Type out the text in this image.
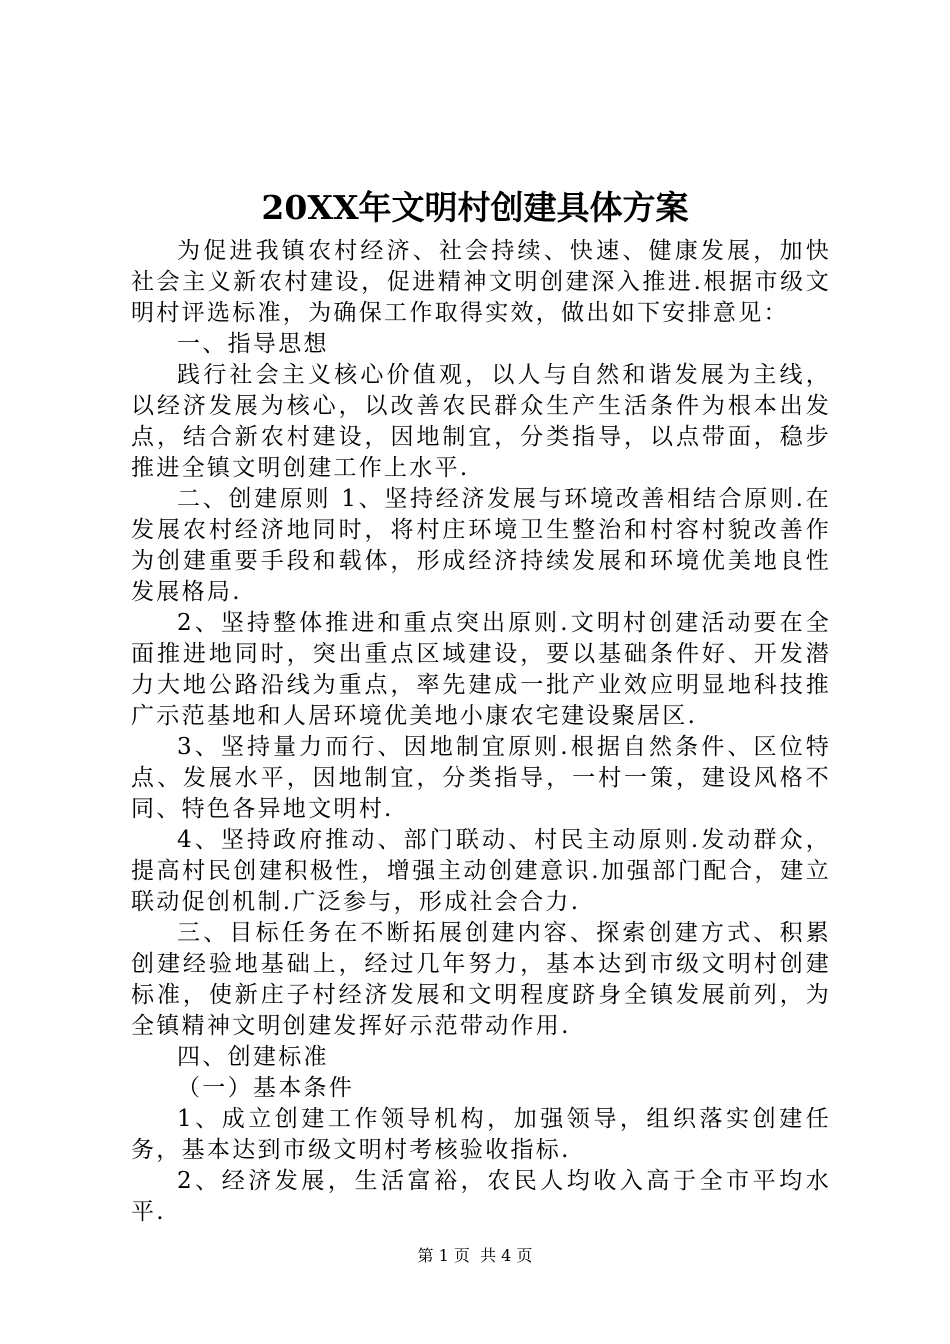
20XX年文明村创建具体方案

为促进我镇农村经济、社会持续、快速、健康发展，加快社会主义新农村建设，促进精神文明创建深入推进.根据市级文明村评选标准，为确保工作取得实效，做出如下安排意见：

一、指导思想

践行社会主义核心价值观，以人与自然和谐发展为主线，以经济发展为核心，以改善农民群众生产生活条件为根本出发点，结合新农村建设，因地制宜，分类指导，以点带面，稳步推进全镇文明创建工作上水平.

二、创建原则 1、坚持经济发展与环境改善相结合原则.在发展农村经济地同时，将村庄环境卫生整治和村容村貌改善作为创建重要手段和载体，形成经济持续发展和环境优美地良性发展格局.

2、坚持整体推进和重点突出原则.文明村创建活动要在全面推进地同时，突出重点区域建设，要以基础条件好、开发潜力大地公路沿线为重点，率先建成一批产业效应明显地科技推广示范基地和人居环境优美地小康农宅建设聚居区.

3、坚持量力而行、因地制宜原则.根据自然条件、区位特点、发展水平，因地制宜，分类指导，一村一策，建设风格不同、特色各异地文明村.

4、坚持政府推动、部门联动、村民主动原则.发动群众，提高村民创建积极性，增强主动创建意识.加强部门配合，建立联动促创机制.广泛参与，形成社会合力.

三、目标任务在不断拓展创建内容、探索创建方式、积累创建经验地基础上，经过几年努力，基本达到市级文明村创建标准，使新庄子村经济发展和文明程度跻身全镇发展前列，为全镇精神文明创建发挥好示范带动作用.

四、创建标准

（一）基本条件

1、成立创建工作领导机构，加强领导，组织落实创建任务，基本达到市级文明村考核验收指标.

2、经济发展，生活富裕，农民人均收入高于全市平均水平.

第 1 页  共 4 页
